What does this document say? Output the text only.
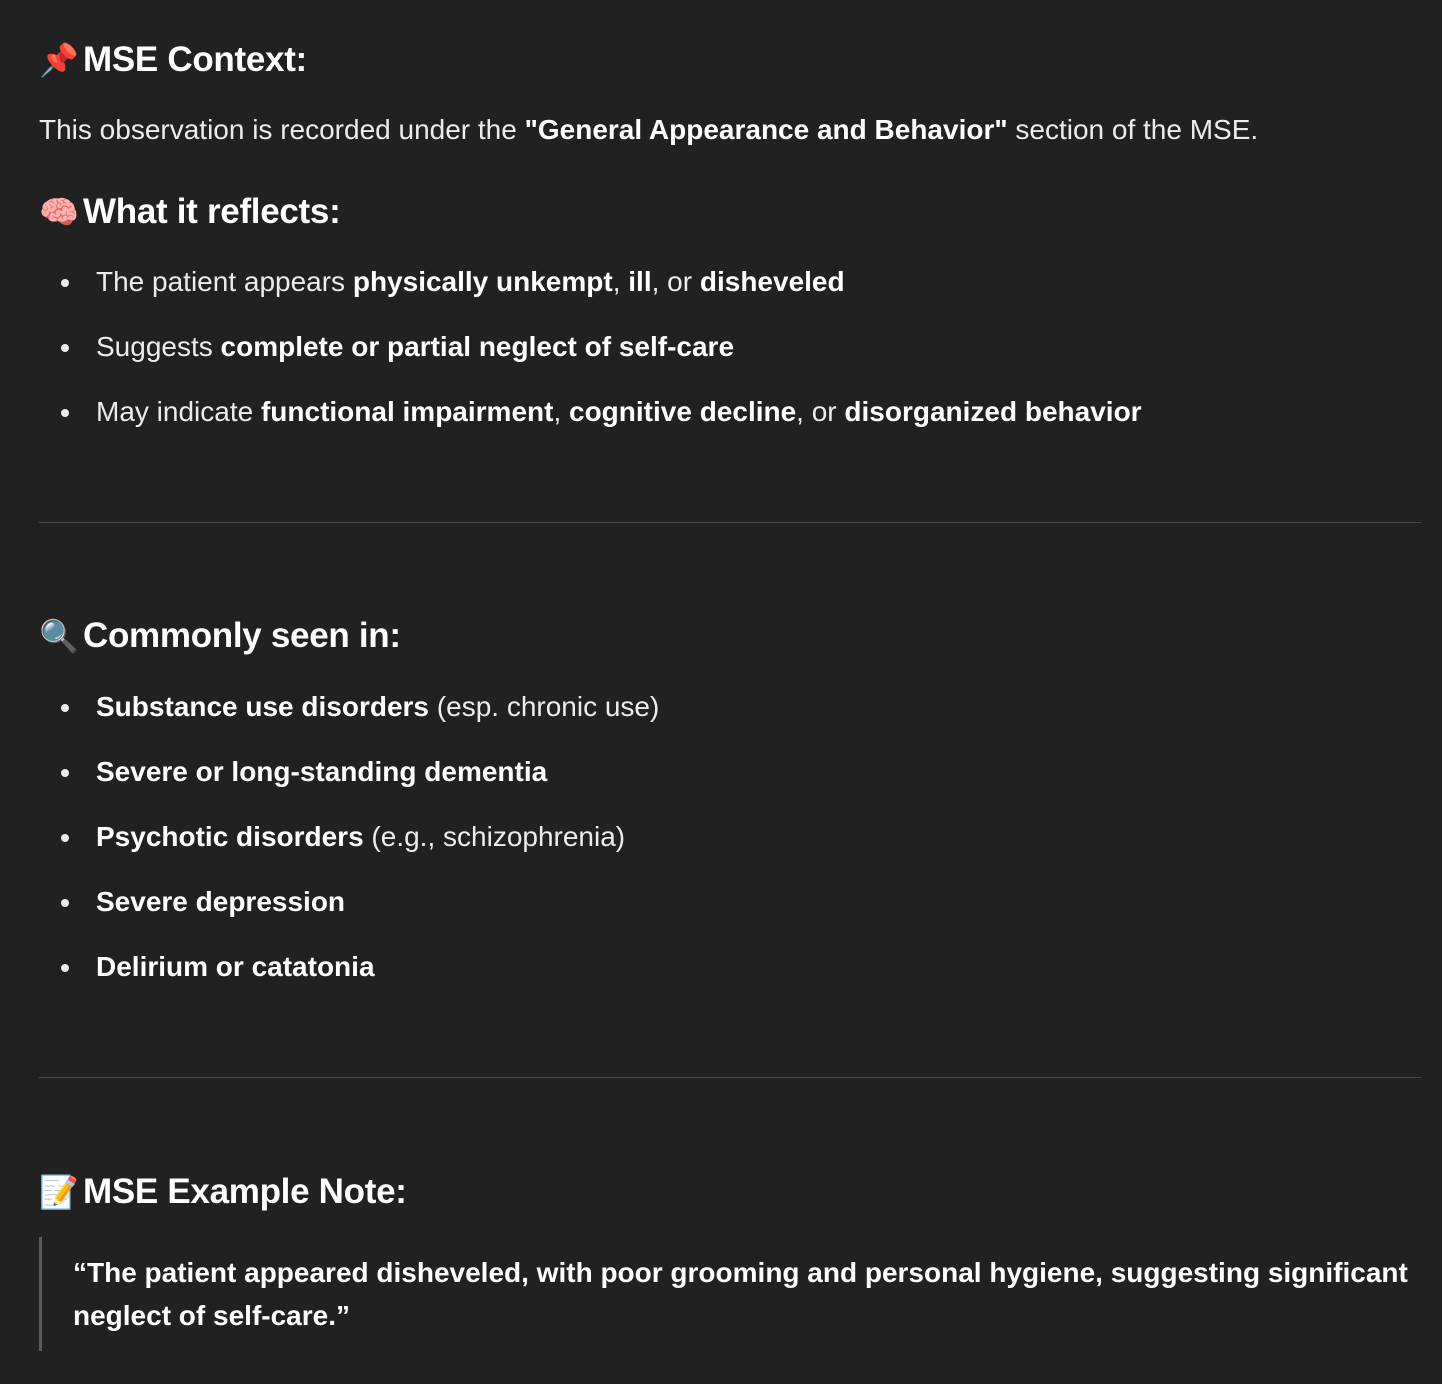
📌 MSE Context:

This observation is recorded under the "General Appearance and Behavior" section of the MSE.

🧠 What it reflects:
The patient appears physically unkempt, ill, or disheveled
Suggests complete or partial neglect of self-care
May indicate functional impairment, cognitive decline, or disorganized behavior
🔍 Commonly seen in:
Substance use disorders (esp. chronic use)
Severe or long-standing dementia
Psychotic disorders (e.g., schizophrenia)
Severe depression
Delirium or catatonia
📝 MSE Example Note:
“The patient appeared disheveled, with poor grooming and personal hygiene, suggesting significant neglect of self-care.”
